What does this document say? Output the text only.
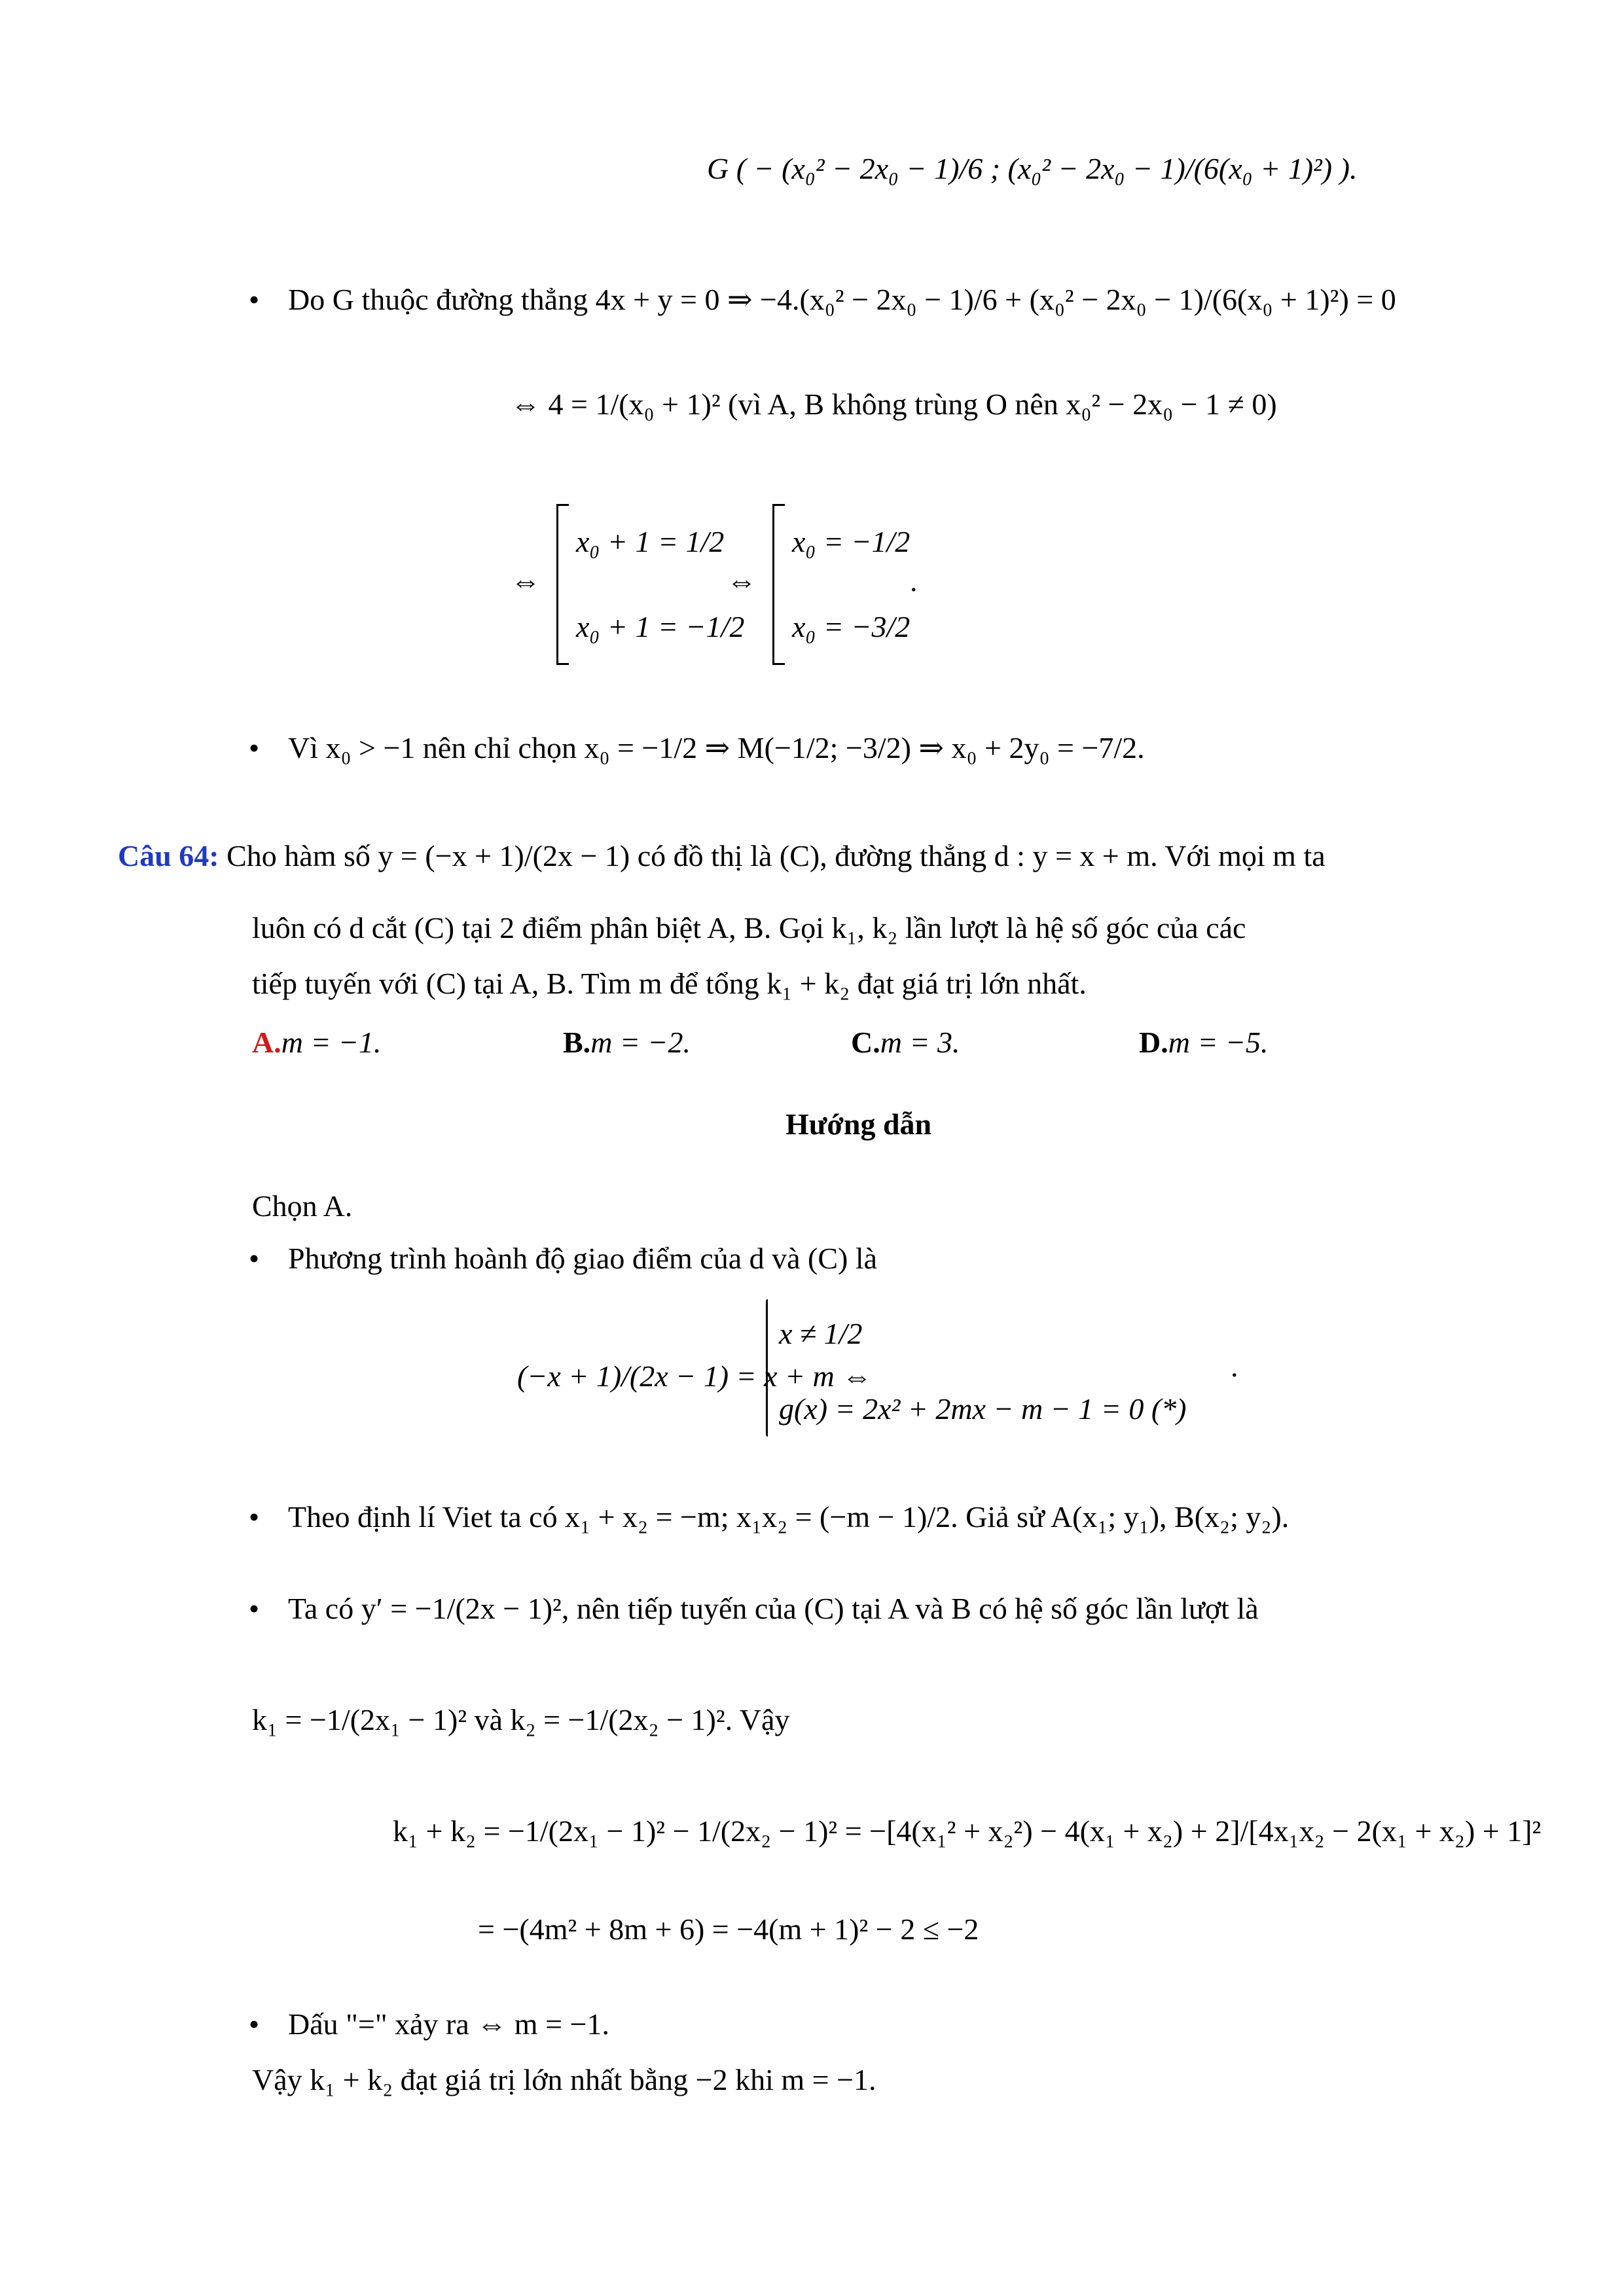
G ( − (x₀² − 2x₀ − 1)/6 ; (x₀² − 2x₀ − 1)/(6(x₀ + 1)²) ).
• Do G thuộc đường thẳng 4x + y = 0 ⇒ −4.(x₀² − 2x₀ − 1)/6 + (x₀² − 2x₀ − 1)/(6(x₀ + 1)²) = 0
⇔ 4 = 1/(x₀ + 1)² (vì A, B không trùng O nên x₀² − 2x₀ − 1 ≠ 0)
⇔
x₀ + 1 = 1/2
x₀ + 1 = −1/2
⇔
x₀ = −1/2
x₀ = −3/2
.
• Vì x₀ > −1 nên chỉ chọn x₀ = −1/2 ⇒ M(−1/2; −3/2) ⇒ x₀ + 2y₀ = −7/2.
Câu 64: Cho hàm số y = (−x + 1)/(2x − 1) có đồ thị là (C), đường thẳng d : y = x + m. Với mọi m ta
luôn có d cắt (C) tại 2 điểm phân biệt A, B. Gọi k₁, k₂ lần lượt là hệ số góc của các
tiếp tuyến với (C) tại A, B. Tìm m để tổng k₁ + k₂ đạt giá trị lớn nhất.
A.m = −1.	B.m = −2.	C.m = 3.	D.m = −5.
Hướng dẫn
Chọn A.
• Phương trình hoành độ giao điểm của d và (C) là
(−x + 1)/(2x − 1) = x + m ⇔
x ≠ 1/2
g(x) = 2x² + 2mx − m − 1 = 0 (*)
.
• Theo định lí Viet ta có x₁ + x₂ = −m; x₁x₂ = (−m − 1)/2. Giả sử A(x₁; y₁), B(x₂; y₂).
• Ta có y′ = −1/(2x − 1)², nên tiếp tuyến của (C) tại A và B có hệ số góc lần lượt là
k₁ = −1/(2x₁ − 1)² và k₂ = −1/(2x₂ − 1)². Vậy
k₁ + k₂ = −1/(2x₁ − 1)² − 1/(2x₂ − 1)² = −[4(x₁² + x₂²) − 4(x₁ + x₂) + 2]/[4x₁x₂ − 2(x₁ + x₂) + 1]²
= −(4m² + 8m + 6) = −4(m + 1)² − 2 ≤ −2
• Dấu "=" xảy ra ⇔ m = −1.
Vậy k₁ + k₂ đạt giá trị lớn nhất bằng −2 khi m = −1.
